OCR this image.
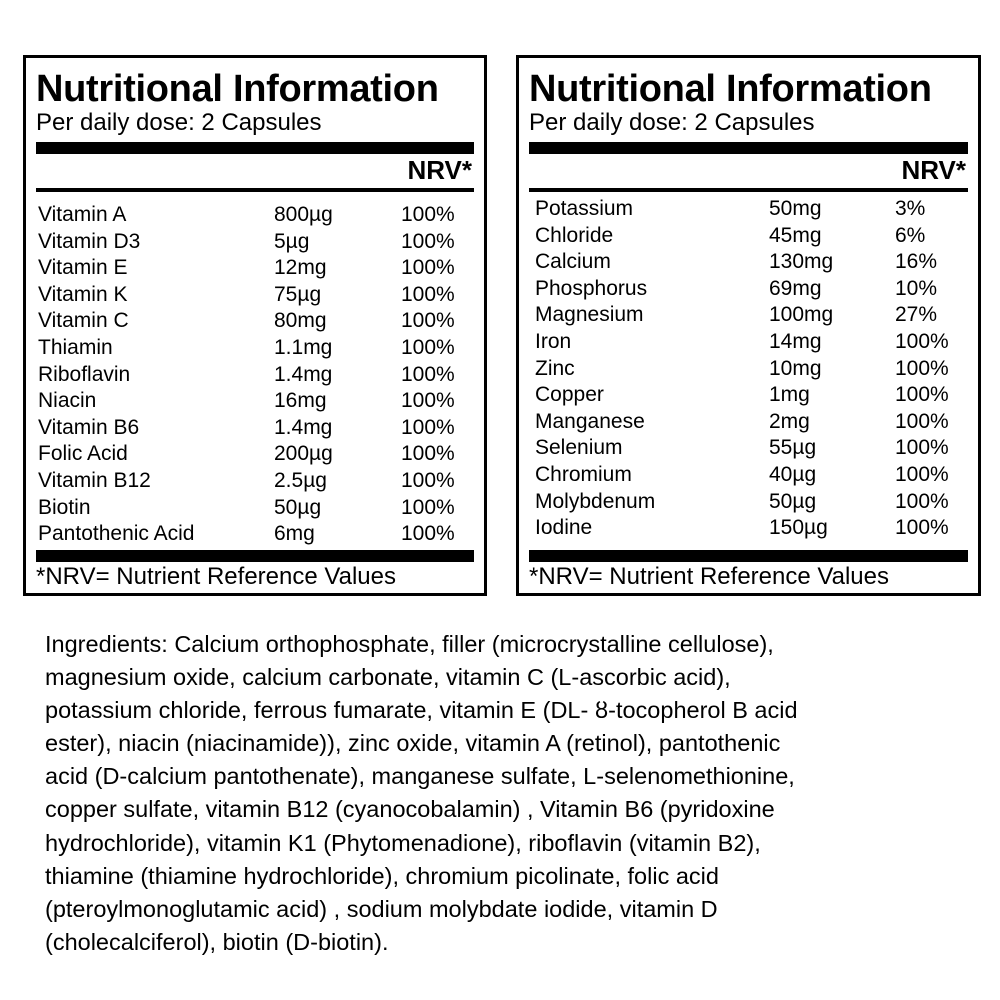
Nutritional Information
Per daily dose: 2 Capsules
NRV*
Vitamin A	800µg	100%
Vitamin D3	5µg	100%
Vitamin E	12mg	100%
Vitamin K	75µg	100%
Vitamin C	80mg	100%
Thiamin	1.1mg	100%
Riboflavin	1.4mg	100%
Niacin	16mg	100%
Vitamin B6	1.4mg	100%
Folic Acid	200µg	100%
Vitamin B12	2.5µg	100%
Biotin	50µg	100%
Pantothenic Acid	6mg	100%
*NRV= Nutrient Reference Values
Nutritional Information
Per daily dose: 2 Capsules
NRV*
Potassium	50mg	3%
Chloride	45mg	6%
Calcium	130mg	16%
Phosphorus	69mg	10%
Magnesium	100mg	27%
Iron	14mg	100%
Zinc	10mg	100%
Copper	1mg	100%
Manganese	2mg	100%
Selenium	55µg	100%
Chromium	40µg	100%
Molybdenum	50µg	100%
Iodine	150µg	100%
*NRV= Nutrient Reference Values
Ingredients: Calcium orthophosphate, filler (microcrystalline cellulose),
magnesium oxide, calcium carbonate, vitamin C (L-ascorbic acid),
potassium chloride, ferrous fumarate, vitamin E (DL- ȣ-tocopherol B acid
ester), niacin (niacinamide)), zinc oxide, vitamin A (retinol), pantothenic
acid (D-calcium pantothenate), manganese sulfate, L-selenomethionine,
copper sulfate, vitamin B12 (cyanocobalamin) , Vitamin B6 (pyridoxine
hydrochloride), vitamin K1 (Phytomenadione), riboflavin (vitamin B2),
thiamine (thiamine hydrochloride), chromium picolinate, folic acid
(pteroylmonoglutamic acid) , sodium molybdate iodide, vitamin D
(cholecalciferol), biotin (D-biotin).
